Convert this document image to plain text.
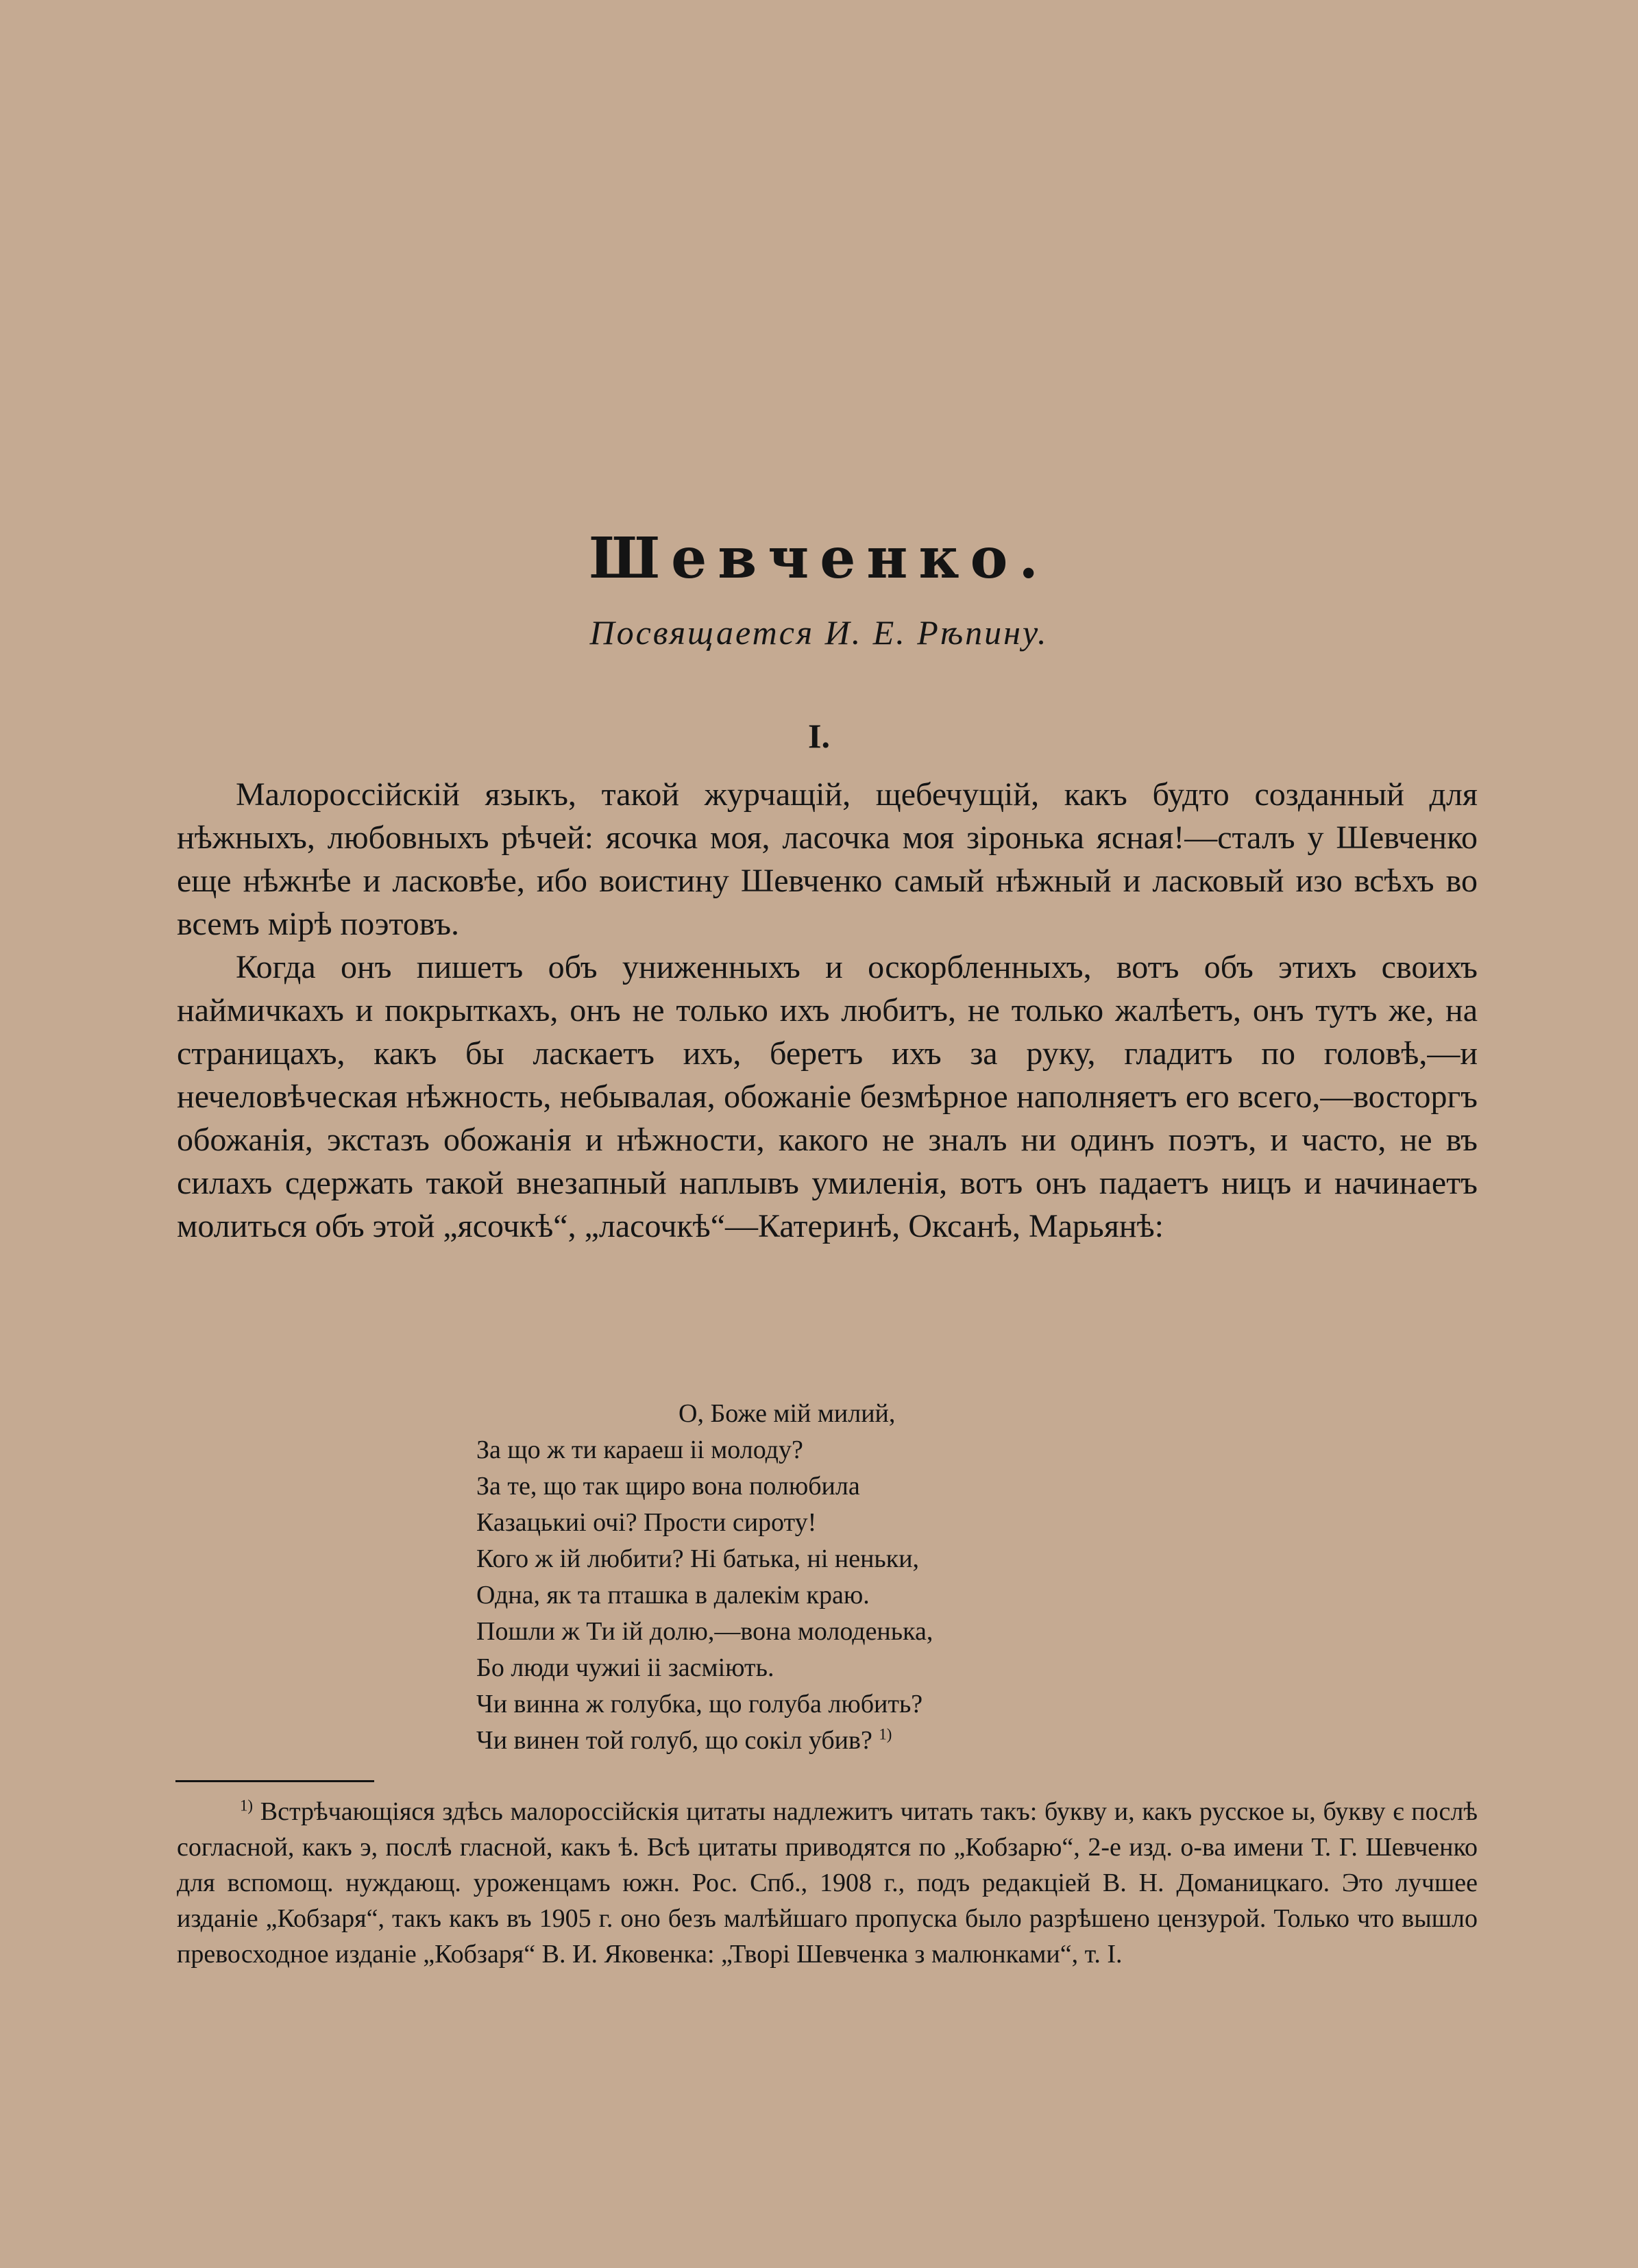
Шевченко.
Посвящается И. Е. Рѣпину.
I.

Малороссійскій языкъ, такой журчащій, щебечущій, какъ будто созданный для нѣжныхъ, любовныхъ рѣчей: ясочка моя, ласочка моя зіронька ясная!—сталъ у Шевченко еще нѣжнѣе и ласковѣе, ибо воистину Шевченко самый нѣжный и ласковый изо всѣхъ во всемъ мірѣ поэтовъ.

Когда онъ пишетъ объ униженныхъ и оскорбленныхъ, вотъ объ этихъ своихъ наймичкахъ и покрыткахъ, онъ не только ихъ любитъ, не только жалѣетъ, онъ тутъ же, на страницахъ, какъ бы ласкаетъ ихъ, беретъ ихъ за руку, гладитъ по головѣ,—и нечеловѣческая нѣжность, небывалая, обожаніе безмѣрное наполняетъ его всего,—восторгъ обожанія, экстазъ обожанія и нѣжности, какого не зналъ ни одинъ поэтъ, и часто, не въ силахъ сдержать такой внезапный наплывъ умиленія, вотъ онъ падаетъ ницъ и начинаетъ молиться объ этой „ясочкѣ“, „ласочкѣ“—Катеринѣ, Оксанѣ, Марьянѣ:

О, Боже мій милий,
За що ж ти караеш ii молоду?
За те, що так щиро вона полюбила
Казацькиі очі? Прости сироту!
Кого ж ій любити? Ні батька, ні неньки,
Одна, як та пташка в далекім краю.
Пошли ж Ти ій долю,—вона молоденька,
Бо люди чужиі ii засміють.
Чи винна ж голубка, що голуба любить?
Чи винен той голуб, що сокіл убив? $^{1)}$
$^{1)}$ Встрѣчающіяся здѣсь малороссійскія цитаты надлежитъ читать такъ: букву и, какъ русское ы, букву є послѣ согласной, какъ э, послѣ гласной, какъ ѣ. Всѣ цитаты приводятся по „Кобзарю“, 2-е изд. о-ва имени Т. Г. Шевченко для вспомощ. нуждающ. уроженцамъ южн. Рос. Спб., 1908 г., подъ редакціей В. Н. Доманицкаго. Это лучшее изданіе „Кобзаря“, такъ какъ въ 1905 г. оно безъ малѣйшаго пропуска было разрѣшено цензурой. Только что вышло превосходное изданіе „Кобзаря“ В. И. Яковенка: „Творі Шевченка з малюнками“, т. I.
